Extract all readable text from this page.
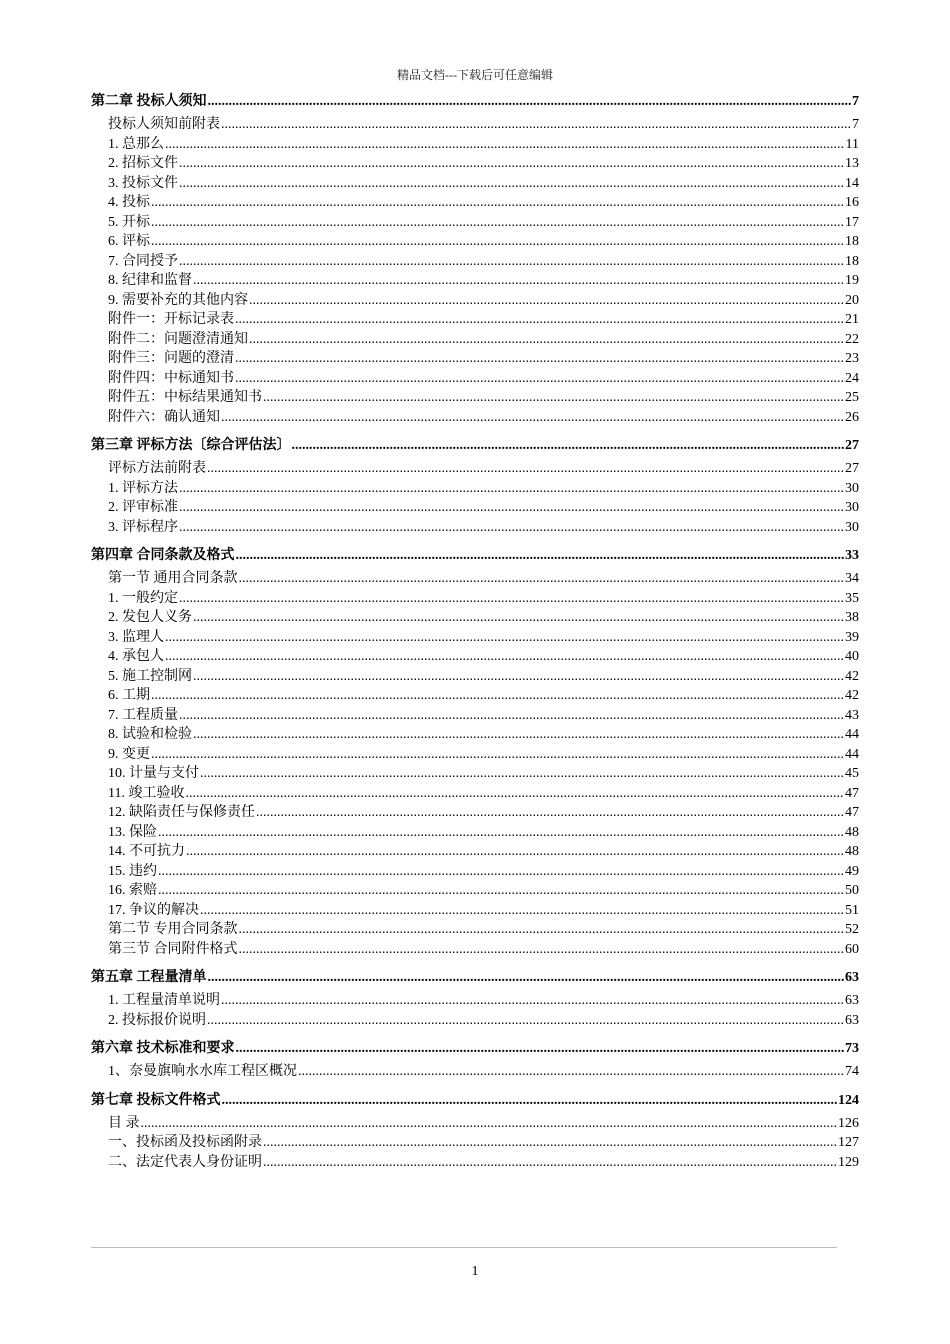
精品文档---下载后可任意编辑
第二章 投标人须知 .....	7
投标人须知前附表 .....	7
1. 总那么 .....	11
2. 招标文件 .....	13
3. 投标文件 .....	14
4. 投标 .....	16
5. 开标 .....	17
6. 评标 .....	18
7. 合同授予 .....	18
8. 纪律和监督 .....	19
9. 需要补充的其他内容 .....	20
附件一：开标记录表 .....	21
附件二：问题澄清通知 .....	22
附件三：问题的澄清 .....	23
附件四：中标通知书 .....	24
附件五：中标结果通知书 .....	25
附件六：确认通知 .....	26
第三章 评标方法〔综合评估法〕 .....	27
评标方法前附表 .....	27
1. 评标方法 .....	30
2. 评审标准 .....	30
3. 评标程序 .....	30
第四章 合同条款及格式 .....	33
第一节 通用合同条款 .....	34
1. 一般约定 .....	35
2. 发包人义务 .....	38
3. 监理人 .....	39
4. 承包人 .....	40
5. 施工控制网 .....	42
6. 工期 .....	42
7. 工程质量 .....	43
8. 试验和检验 .....	44
9. 变更 .....	44
10. 计量与支付 .....	45
11. 竣工验收 .....	47
12. 缺陷责任与保修责任 .....	47
13. 保险 .....	48
14. 不可抗力 .....	48
15. 违约 .....	49
16. 索赔 .....	50
17. 争议的解决 .....	51
第二节 专用合同条款 .....	52
第三节 合同附件格式 .....	60
第五章 工程量清单 .....	63
1. 工程量清单说明 .....	63
2. 投标报价说明 .....	63
第六章 技术标准和要求 .....	73
1、奈曼旗响水水库工程区概况 .....	74
第七章 投标文件格式 .....	124
目 录 .....	126
一、投标函及投标函附录 .....	127
二、法定代表人身份证明 .....	129
1
